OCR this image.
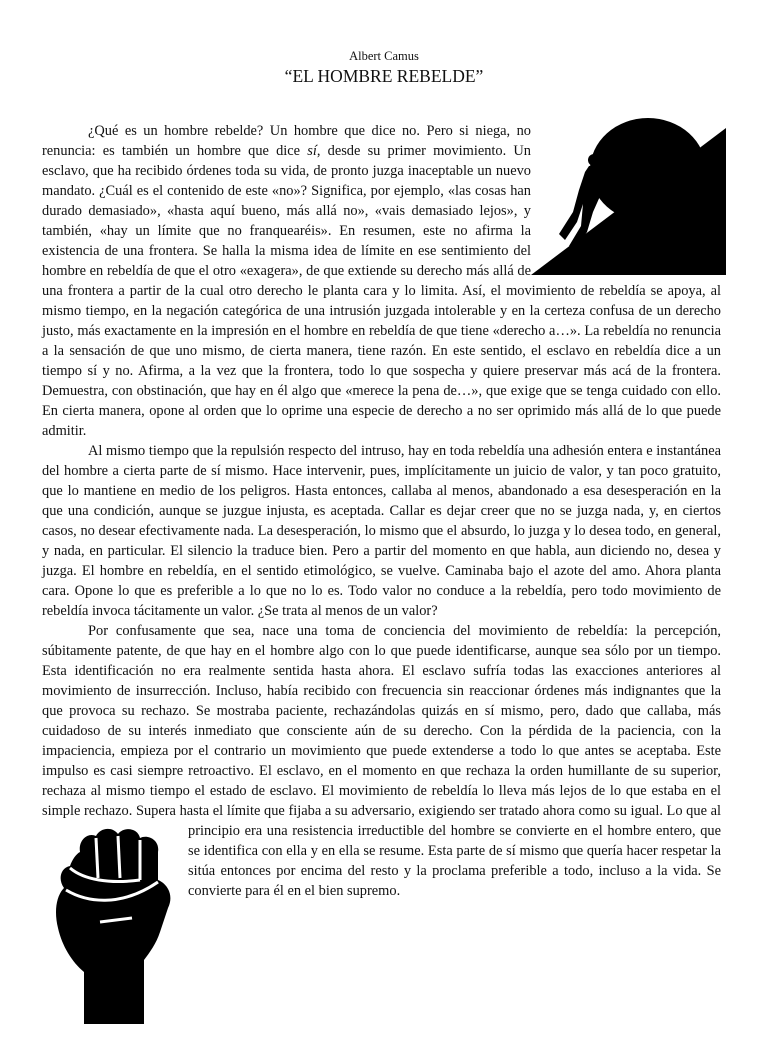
Albert Camus
“EL HOMBRE REBELDE”

¿Qué es un hombre rebelde? Un hombre que dice no. Pero si niega, no renuncia: es también un hombre que dice sí, desde su primer movimiento. Un esclavo, que ha recibido órdenes toda su vida, de pronto juzga inaceptable un nuevo mandato. ¿Cuál es el contenido de este «no»? Significa, por ejemplo, «las cosas han durado demasiado», «hasta aquí bueno, más allá no», «vais demasiado lejos», y también, «hay un límite que no franquearéis». En resumen, este no afirma la existencia de una frontera. Se halla la misma idea de límite en ese sentimiento del hombre en rebeldía de que el otro «exagera», de que extiende su derecho más allá de una frontera a partir de la cual otro derecho le planta cara y lo limita. Así, el movimiento de rebeldía se apoya, al mismo tiempo, en la negación categórica de una intrusión juzgada intolerable y en la certeza confusa de un derecho justo, más exactamente en la impresión en el hombre en rebeldía de que tiene «derecho a…». La rebeldía no renuncia a la sensación de que uno mismo, de cierta manera, tiene razón. En este sentido, el esclavo en rebeldía dice a un tiempo sí y no. Afirma, a la vez que la frontera, todo lo que sospecha y quiere preservar más acá de la frontera. Demuestra, con obstinación, que hay en él algo que «merece la pena de…», que exige que se tenga cuidado con ello. En cierta manera, opone al orden que lo oprime una especie de derecho a no ser oprimido más allá de lo que puede admitir.

Al mismo tiempo que la repulsión respecto del intruso, hay en toda rebeldía una adhesión entera e instantánea del hombre a cierta parte de sí mismo. Hace intervenir, pues, implícitamente un juicio de valor, y tan poco gratuito, que lo mantiene en medio de los peligros. Hasta entonces, callaba al menos, abandonado a esa desesperación en la que una condición, aunque se juzgue injusta, es aceptada. Callar es dejar creer que no se juzga nada, y, en ciertos casos, no desear efectivamente nada. La desesperación, lo mismo que el absurdo, lo juzga y lo desea todo, en general, y nada, en particular. El silencio la traduce bien. Pero a partir del momento en que habla, aun diciendo no, desea y juzga. El hombre en rebeldía, en el sentido etimológico, se vuelve. Caminaba bajo el azote del amo. Ahora planta cara. Opone lo que es preferible a lo que no lo es. Todo valor no conduce a la rebeldía, pero todo movimiento de rebeldía invoca tácitamente un valor. ¿Se trata al menos de un valor?

Por confusamente que sea, nace una toma de conciencia del movimiento de rebeldía: la percepción, súbitamente patente, de que hay en el hombre algo con lo que puede identificarse, aunque sea sólo por un tiempo. Esta identificación no era realmente sentida hasta ahora. El esclavo sufría todas las exacciones anteriores al movimiento de insurrección. Incluso, había recibido con frecuencia sin reaccionar órdenes más indignantes que la que provoca su rechazo. Se mostraba paciente, rechazándolas quizás en sí mismo, pero, dado que callaba, más cuidadoso de su interés inmediato que consciente aún de su derecho. Con la pérdida de la paciencia, con la impaciencia, empieza por el contrario un movimiento que puede extenderse a todo lo que antes se aceptaba. Este impulso es casi siempre retroactivo. El esclavo, en el momento en que rechaza la orden humillante de su superior, rechaza al mismo tiempo el estado de esclavo. El movimiento de rebeldía lo lleva más lejos de lo que estaba en el simple rechazo. Supera hasta el límite que fijaba a su adversario, exigiendo ser tratado ahora como su igual. Lo que al principio era una resistencia irreductible del hombre se convierte en el hombre entero, que se identifica con ella y en ella se resume. Esta parte de sí mismo que quería hacer respetar la sitúa entonces por encima del resto y la proclama preferible a todo, incluso a la vida. Se convierte para él en el bien supremo.
